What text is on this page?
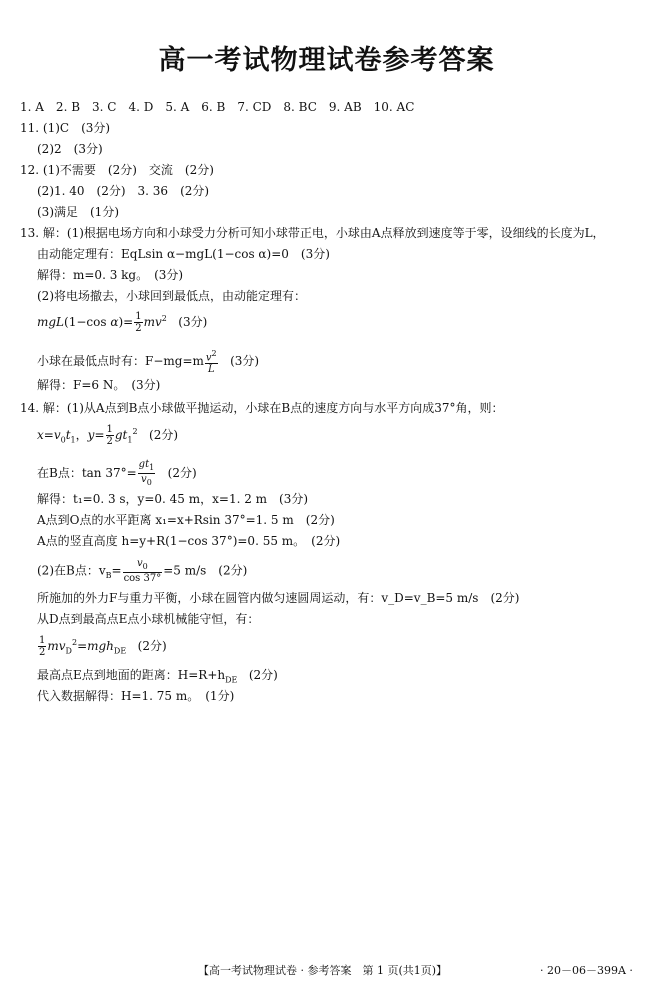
高一考试物理试卷参考答案
1. A　2. B　3. C　4. D　5. A　6. B　7. CD　8. BC　9. AB　10. AC
11. (1)C　(3分)
(2)2　(3分)
12. (1)不需要　(2分)　交流　(2分)
(2)1. 40　(2分)　3. 36　(2分)
(3)满足　(1分)
13. 解：(1)根据电场方向和小球受力分析可知小球带正电，小球由A点释放到速度等于零，设细线的长度为L，
由动能定理有：EqLsin α−mgL(1−cos α)=0　(3分)
解得：m=0. 3 kg。　(3分)
(2)将电场撤去，小球回到最低点，由动能定理有：
mgL(1−cos $\alpha)= \frac{1}{2} mv^2$ (3分)
小球在最低点时有：$F-mg=m \frac{v^2}{L} (3$分)
解得：F=6 N。　(3分)
14. 解：(1)从A点到B点小球做平抛运动，小球在B点的速度方向与水平方向成37°角，则：
$x=v_0t_1$，$y= \frac{1}{2} gt_1^2$ (2分)
在B点：$\tan 37^\circ= \frac{gt_1}{v_0} (2$分)
解得：t₁=0. 3 s，y=0. 45 m，x=1. 2 m　(3分)
A点到O点的水平距离 x₁=x+Rsin 37°=1. 5 m　(2分)
A点的竖直高度 h=y+R(1−cos 37°)=0. 55 m。　(2分)
(2)在B点：$v_B= \frac{v_0}{\cos 37^\circ} =5$ m/s　(2分)
所施加的外力F与重力平衡，小球在圆管内做匀速圆周运动，有：v_D=v_B=5 m/s　(2分)
从D点到最高点E点小球机械能守恒，有：
$\frac{1}{2} mv_D^2=mgh_{DE}$ (2分)
最高点E点到地面的距离：$H=R+h_{DE}$ (2分)
代入数据解得：H=1. 75 m。　(1分)
【高一考试物理试卷 · 参考答案　第 1 页(共1页)】	· 20－06－399A ·
